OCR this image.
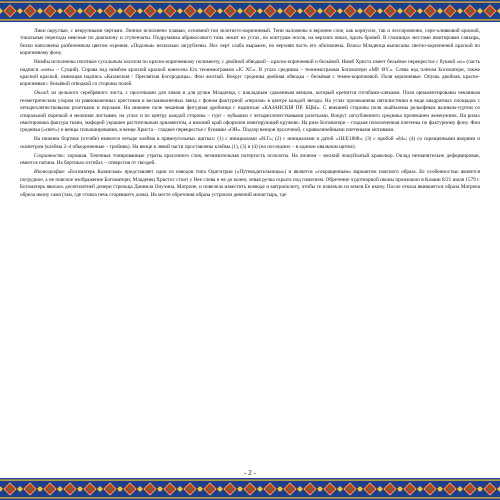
Лики округлые, с некрупными чертами. Личное исполнено плавью, основной тон золотисто-коричневый. Тени наложены в верхнем слое, как корпусно, так и лессировочно, серо-оливковой краской, тональные переходы неясные по диапазону и ступенчаты. Подрумянка абрикосового тона лежит на устах, по контурам носов, на верхних веках, вдоль бровей. В глазницах местами имитирован санкирь, белки наполнены разбеленным цветом охрения. «Подочья» несколько загрублены. Нос черт слабо выражен, но верхняя часть его обозначена. Власы Младенца выписаны светло-коричневой краской по коричневому фону.

Нимбы исполнены плотным сусальным золотом по красно-коричневому полименту, с двойной обводкой – красно-коричневой и бельёвой. Нимб Христа имеет бельёвое перекрестье с буквой «ω» (часть надписи «ωнъ» – Сущий). Справа над нимбом красной краской нанесена Его теонимограмма «IC XC». В углах средника – теонимограмма Богоматери «МР. ΘY.». Слева над плечом Богоматери, также красной краской, имеющая надпись «Казанския / Пресвятыя Богородицы». Фон желтый. Вокруг средника двойная обводка – бельёвая с темно-коричневой. Поля коричневые. Опушь двойная, красно-коричневая с бельёвой отводкой со стороны полей.

Оклад: из цельного серебряного листа, с просечками для ликов и для ручки Младенца, с накладным сдвоенным венцом, который крепится отгибами-лапками. Поля орнаментированы чеканным геометрическим узором из равноконечных крестиков и восьмиконечных звезд с фоном фактурной «перлом» в центре каждой звезды. На углах прочеканены пятилистники в виде квадратных площадок с четырехлепестковыми розетками и перлами. На нижнем поле чеканная фигурная дробница с надписью «КАЗАНСКІЯ ПР. БЦЫ». С внешней стороны поля окаймлены рельефным валиком-гуртом со спиральной порезкой и мелкими листьями, на углах и по центру каждой стороны – гурт – кубышки с четырехлепестковыми розетками. Вокруг заглубленного средника прочеканен жемчужник. На ризах имитирована фактура ткани, мафорий украшен растительным орнаментом, а нижний край оформлен имитирующей кружево. На ризе Богоматери – гладкая позолоченная плетенка по фактурному фону. Фон средника («свет») и венцы гильоширования, в венце Христа – гладкое перекрестье с буквами «ОН». Подзор венцов просечной, с криволинейными плетеными мотивами.

На нижнем бортике (отгибе) имеются четыре клейма в прямоугольных щитках: (1) с инициалами «И.Г»; (2) с инициалами и датой «1Н/Е1888»; (3) с пробой «84»; (4) со скрещенными якорями и скипетром (клейма 2–4 объединенные – тройник). На венце в левой части проставлены клейма (1), (3) и (4) (на последних – в едином овальном щитке).

Сохранность: хорошая. Точечные тонированные утраты красочного слоя, незначительная потертость позолоты. На личном – мелкий чешуйчатый кракелюр. Оклад незначительно деформирован, имеется патина. На бортиках-отгибах – отверстия от гвоздей.

Иконография: «Богоматерь Казанская» представляет один из изводов типа Одигитрии («Путеводительницы») и является «сокращенным» вариантом поясного образа. Ее особенностью является погрудное, а не поясное изображение Богоматери; Младенец Христос стоит у Нее слева и не до колен, левая ручка скрыта под гиматием. Обретение чудотворной иконы произошло в Казани 8/21 июля 1579 г. Богоматерь явилась десятилетней дочери стрельца Даниила Онучина, Матроне, и повелела известить воеводе и митрополиту, чтобы те извлекли из земли Ее икону. После откаха явившегося образа Матрена обрела икону сама (там, где стояла печь сгоревшего дома). На месте обретения образа устроили девичий монастырь, где

- 2 -
